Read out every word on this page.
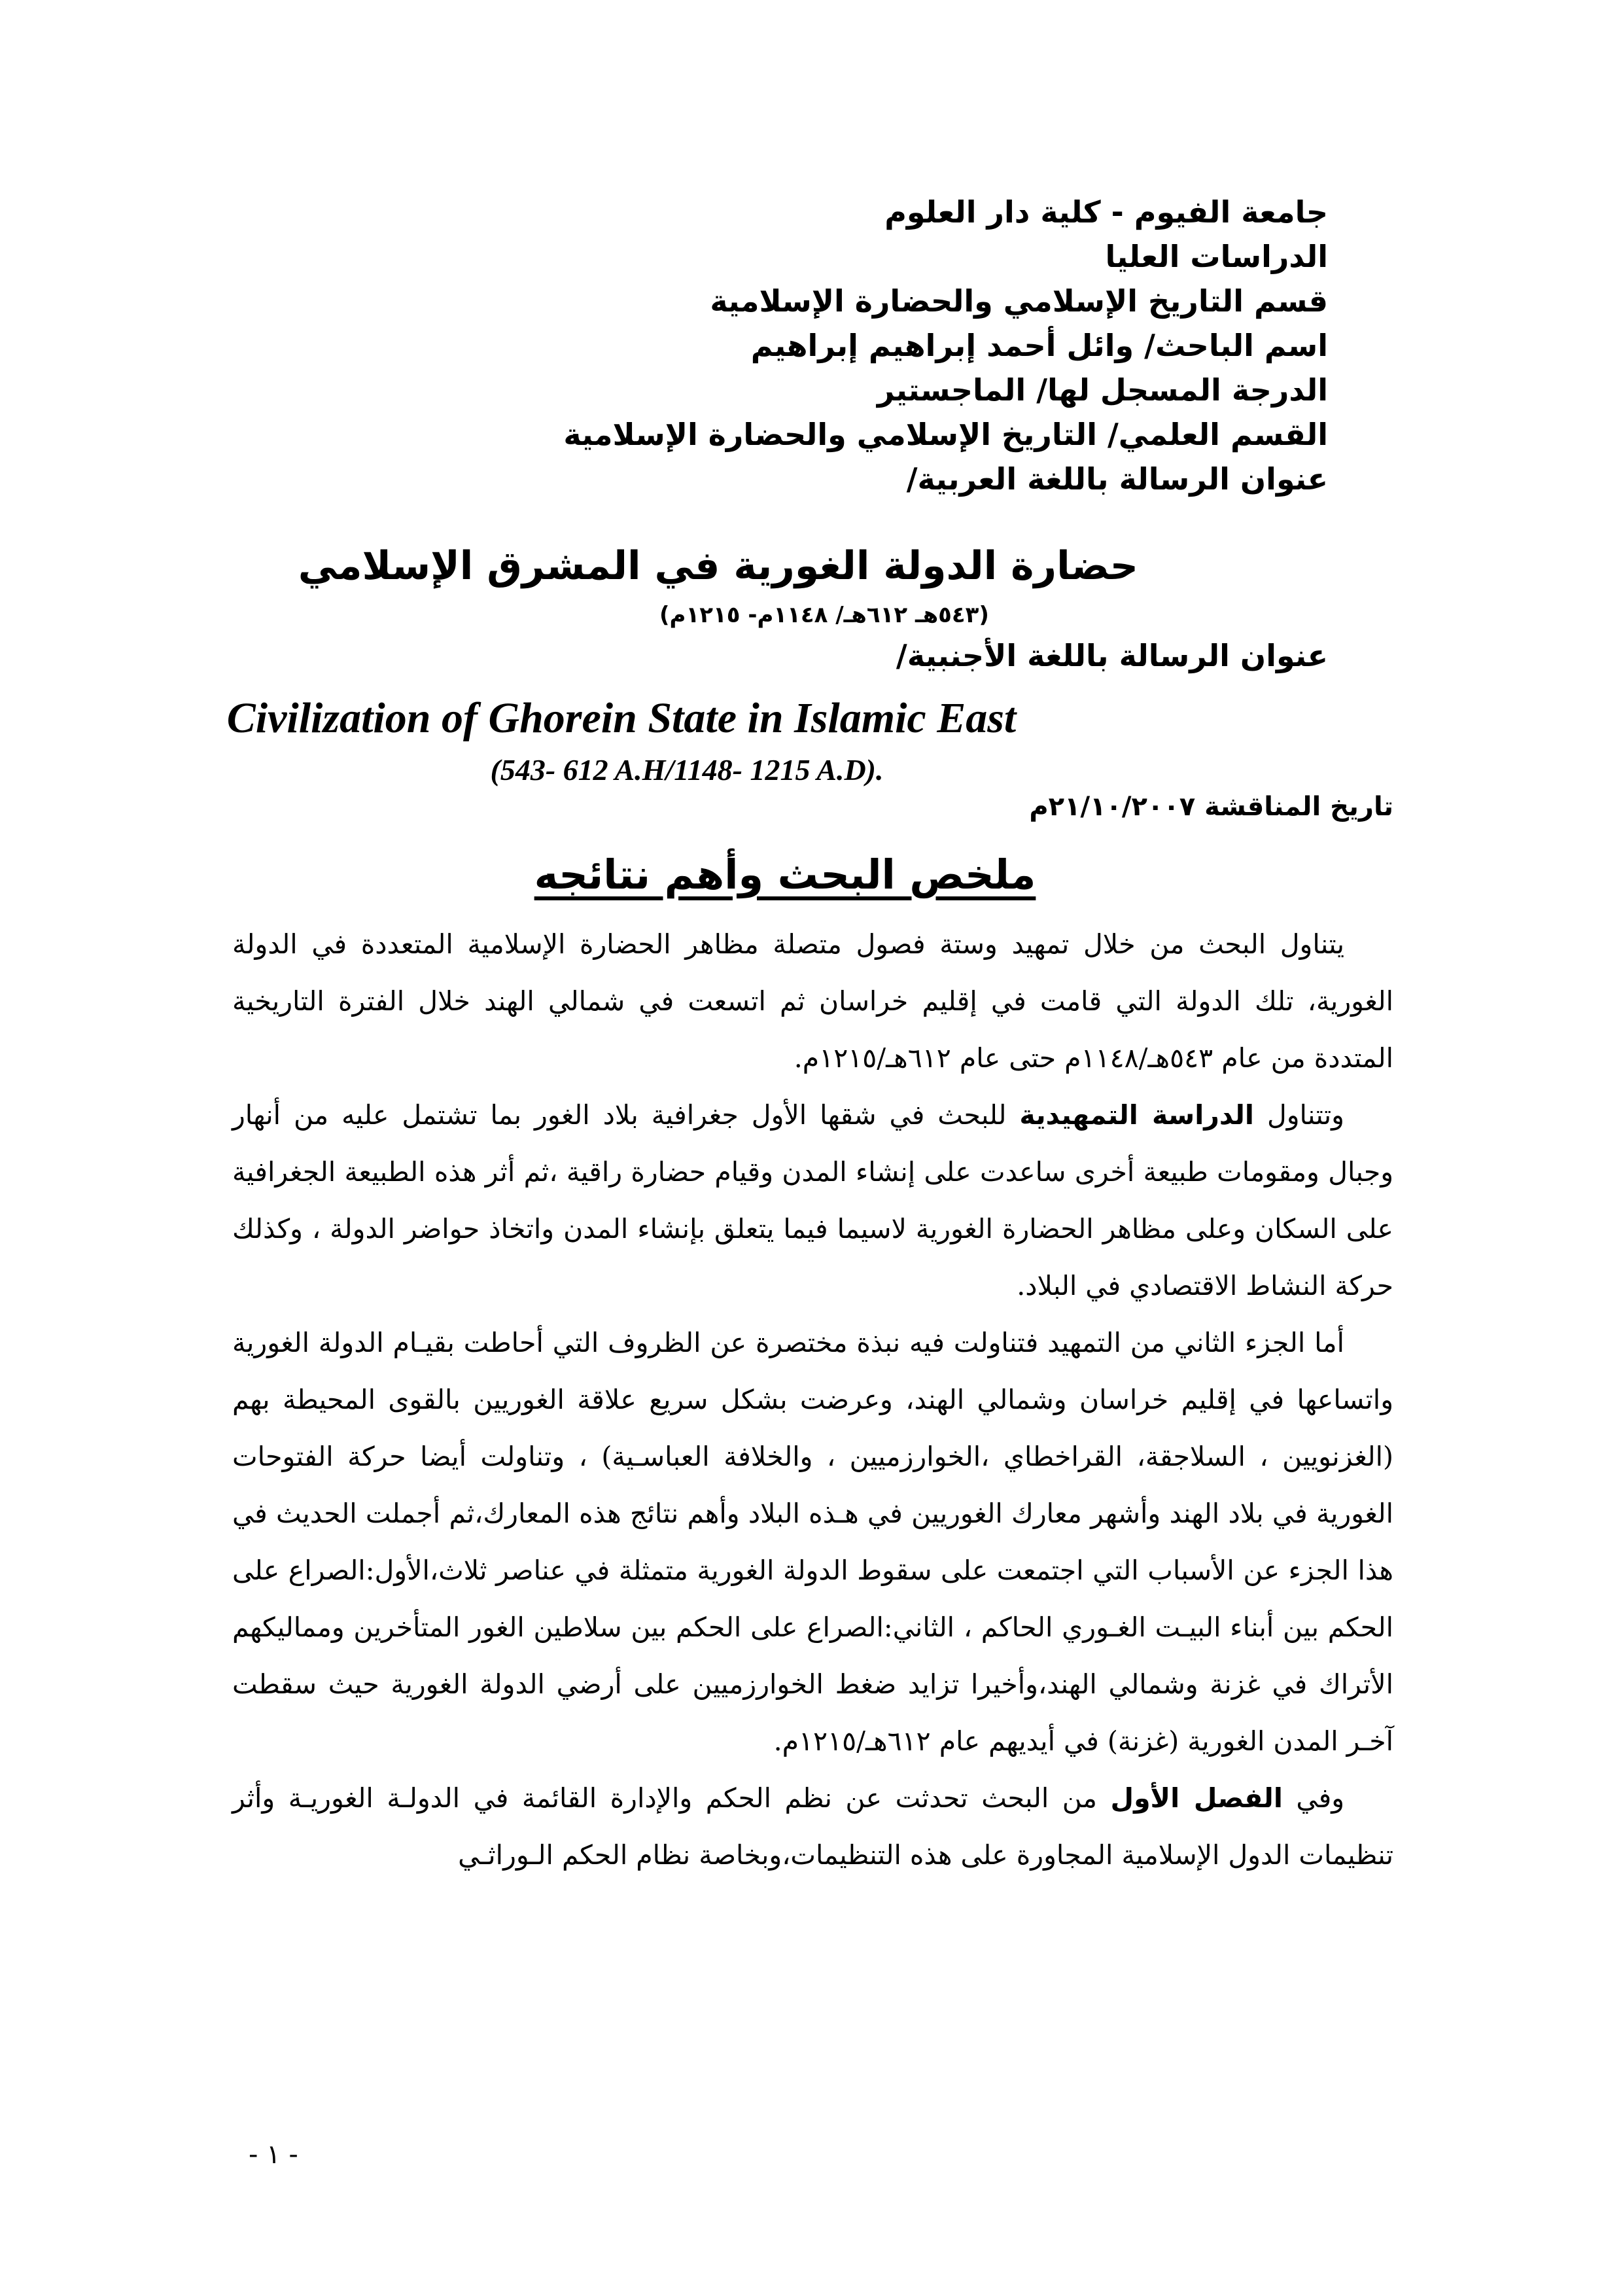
جامعة الفيوم - كلية دار العلوم
الدراسات العليا
قسم التاريخ الإسلامي والحضارة الإسلامية
اسم الباحث/ وائل أحمد إبراهيم إبراهيم
الدرجة المسجل لها/ الماجستير
القسم العلمي/ التاريخ الإسلامي والحضارة الإسلامية
عنوان الرسالة باللغة العربية/
حضارة الدولة الغورية في المشرق الإسلامي
(٥٤٣هـ ٦١٢هـ/ ١١٤٨م- ١٢١٥م)
عنوان الرسالة باللغة الأجنبية/
Civilization of Ghorein State in Islamic East
(543- 612 A.H/1148- 1215 A.D).
تاريخ المناقشة ٢١/١٠/٢٠٠٧م
ملخص البحث وأهم نتائجه

يتناول البحث من خلال تمهيد وستة فصول متصلة مظاهر الحضارة الإسلامية المتعددة في الدولة الغورية، تلك الدولة التي قامت في إقليم خراسان ثم اتسعت في شمالي الهند خلال الفترة التاريخية المتددة من عام ٥٤٣هـ/١١٤٨م حتى عام ٦١٢هـ/١٢١٥م.

وتتناول الدراسة التمهيدية للبحث في شقها الأول جغرافية بلاد الغور بما تشتمل عليه من أنهار وجبال ومقومات طبيعة أخرى ساعدت على إنشاء المدن وقيام حضارة راقية ،ثم أثر هذه الطبيعة الجغرافية على السكان وعلى مظاهر الحضارة الغورية لاسيما فيما يتعلق بإنشاء المدن واتخاذ حواضر الدولة ، وكذلك حركة النشاط الاقتصادي في البلاد.

أما الجزء الثاني من التمهيد فتناولت فيه نبذة مختصرة عن الظروف التي أحاطت بقيـام الدولة الغورية واتساعها في إقليم خراسان وشمالي الهند، وعرضت بشكل سريع علاقة الغوريين بالقوى المحيطة بهم (الغزنويين ، السلاجقة، القراخطاي ،الخوارزميين ، والخلافة العباسـية) ، وتناولت أيضا حركة الفتوحات الغورية في بلاد الهند وأشهر معارك الغوريين في هـذه البلاد وأهم نتائج هذه المعارك،ثم أجملت الحديث في هذا الجزء عن الأسباب التي اجتمعت على سقوط الدولة الغورية متمثلة في عناصر ثلاث،الأول:الصراع على الحكم بين أبناء البيـت الغـوري الحاكم ، الثاني:الصراع على الحكم بين سلاطين الغور المتأخرين ومماليكهم الأتراك في غزنة وشمالي الهند،وأخيرا تزايد ضغط الخوارزميين على أرضي الدولة الغورية حيث سقطت آخـر المدن الغورية (غزنة) في أيديهم عام ٦١٢هـ/١٢١٥م.

وفي الفصل الأول من البحث تحدثت عن نظم الحكم والإدارة القائمة في الدولـة الغوريـة وأثر تنظيمات الدول الإسلامية المجاورة على هذه التنظيمات،وبخاصة نظام الحكم الـوراثـي

- ١ -
